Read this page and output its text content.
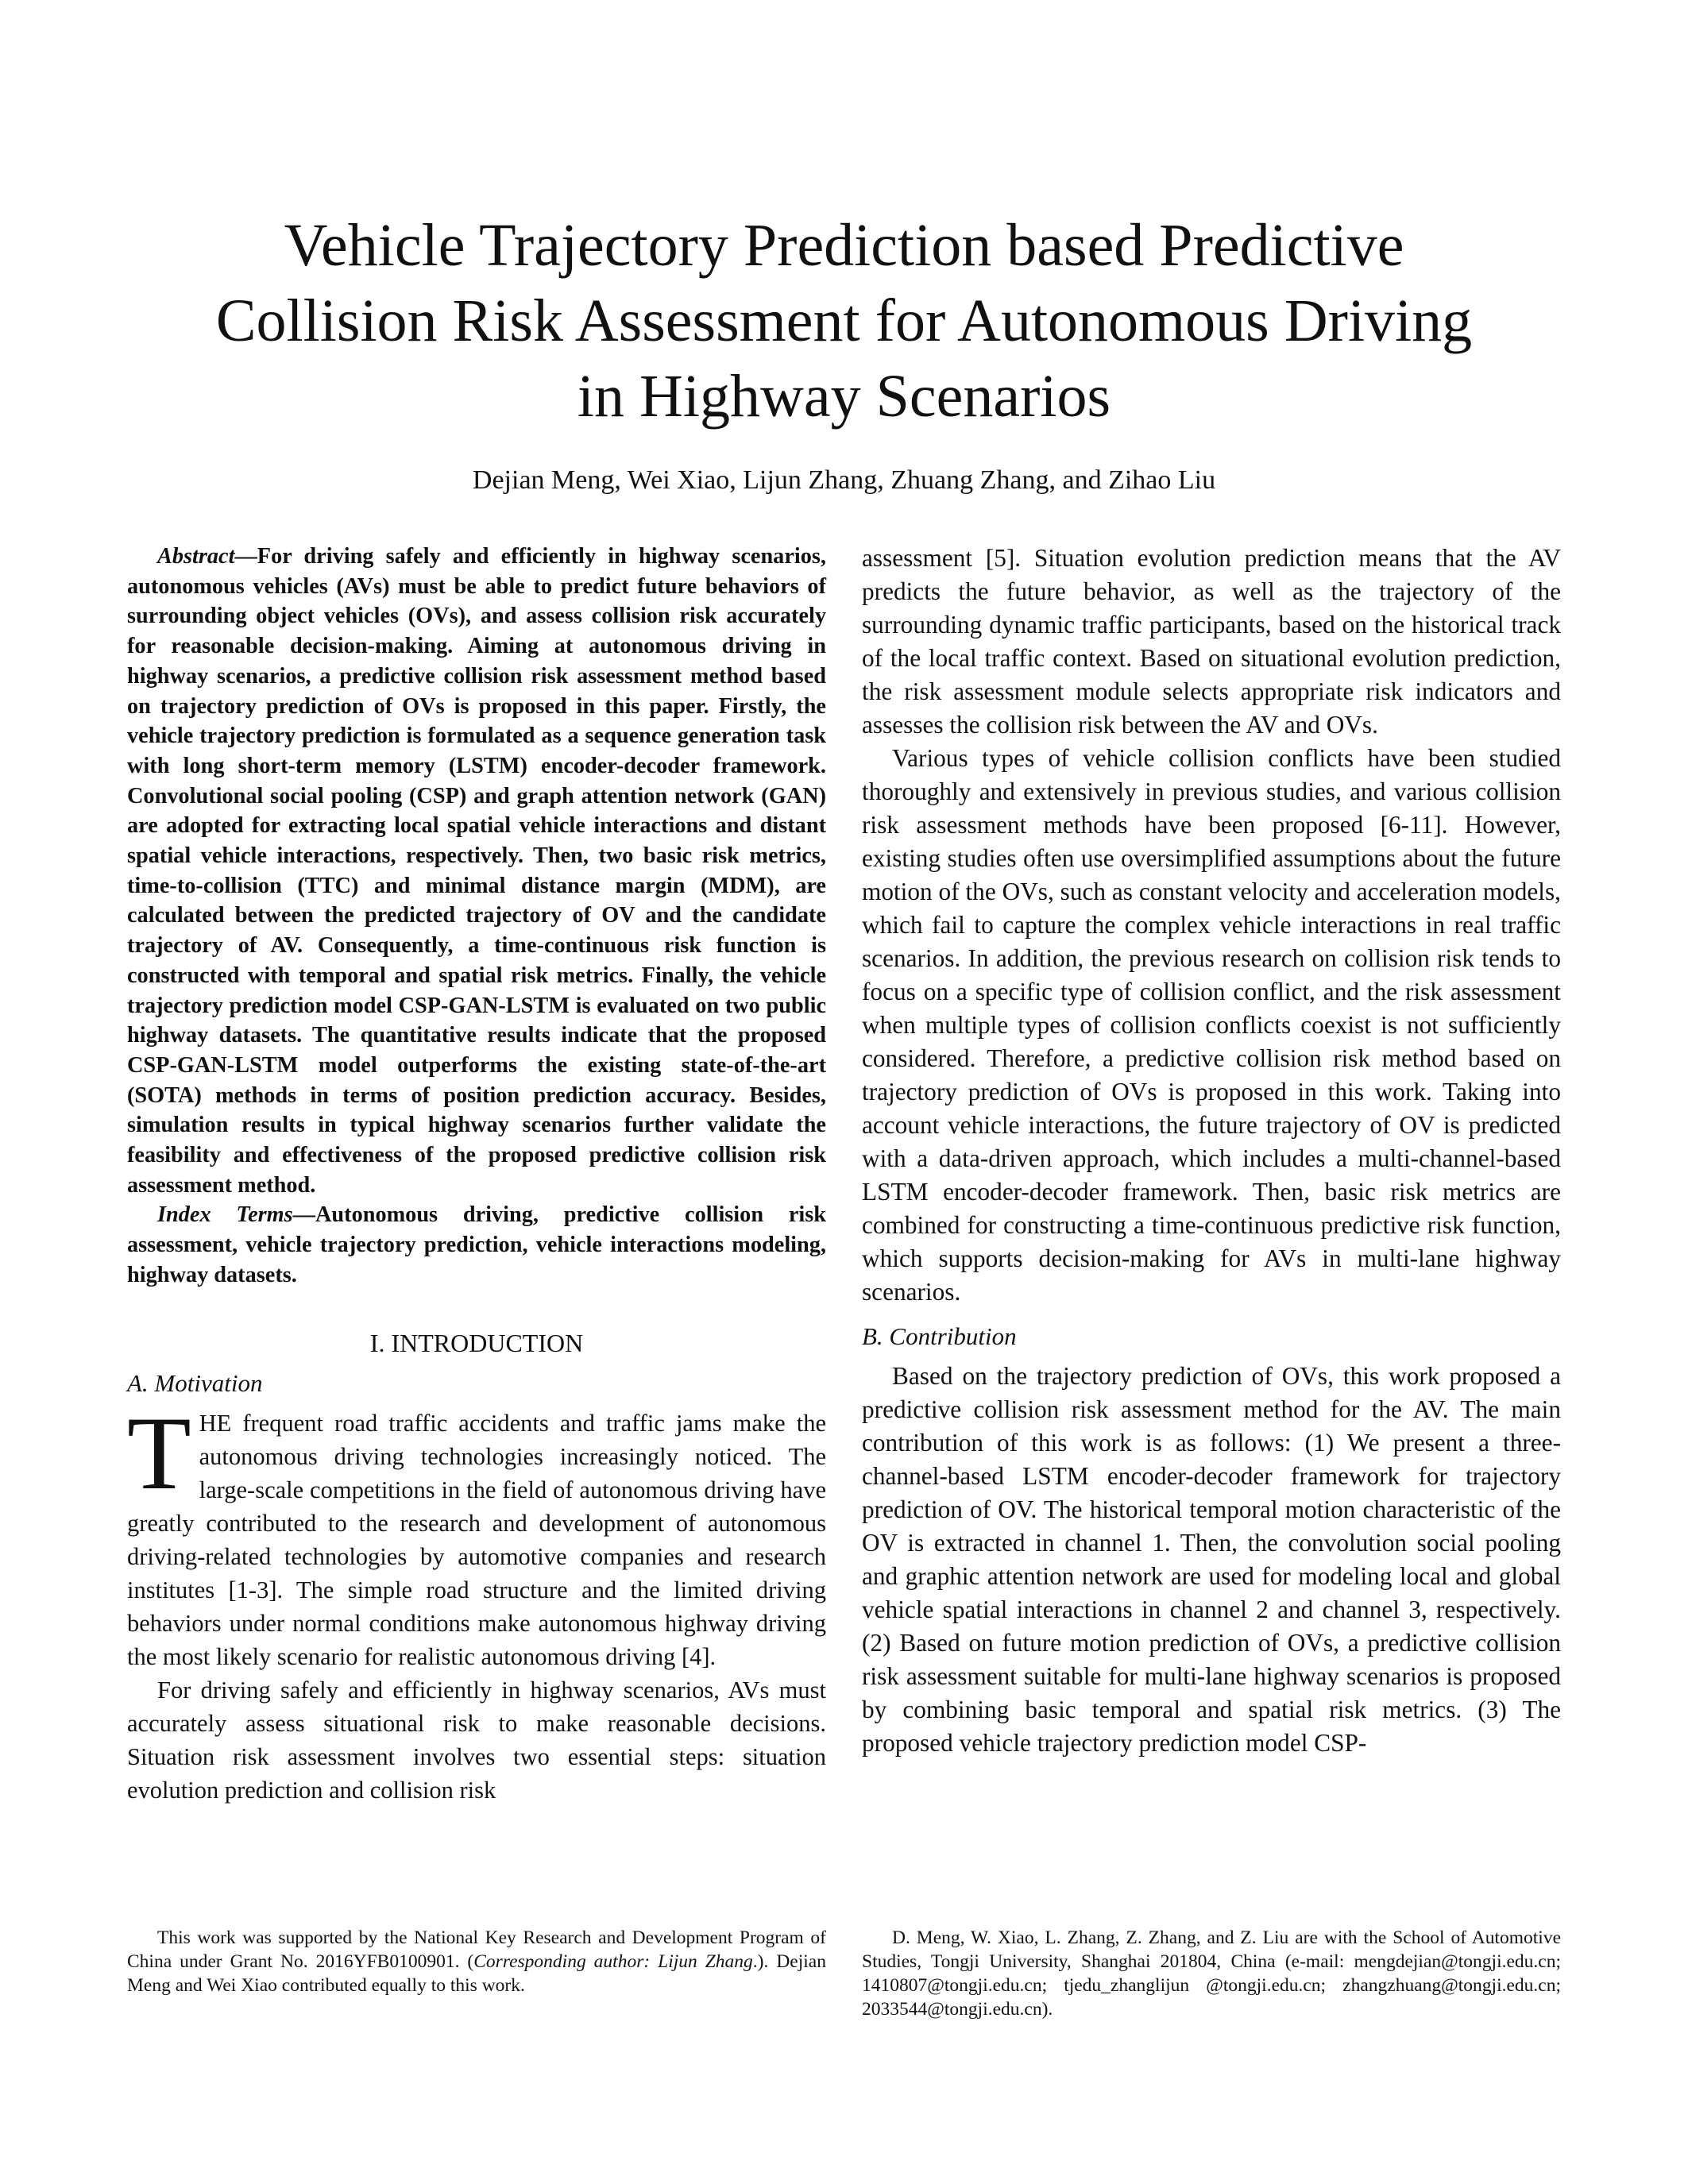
Vehicle Trajectory Prediction based Predictive
Collision Risk Assessment for Autonomous Driving
in Highway Scenarios
Dejian Meng, Wei Xiao, Lijun Zhang, Zhuang Zhang, and Zihao Liu

Abstract—For driving safely and efficiently in highway scenarios, autonomous vehicles (AVs) must be able to predict future behaviors of surrounding object vehicles (OVs), and assess collision risk accurately for reasonable decision-making. Aiming at autonomous driving in highway scenarios, a predictive collision risk assessment method based on trajectory prediction of OVs is proposed in this paper. Firstly, the vehicle trajectory prediction is formulated as a sequence generation task with long short-term memory (LSTM) encoder-decoder framework. Convolutional social pooling (CSP) and graph attention network (GAN) are adopted for extracting local spatial vehicle interactions and distant spatial vehicle interactions, respectively. Then, two basic risk metrics, time-to-collision (TTC) and minimal distance margin (MDM), are calculated between the predicted trajectory of OV and the candidate trajectory of AV. Consequently, a time-continuous risk function is constructed with temporal and spatial risk metrics. Finally, the vehicle trajectory prediction model CSP-GAN-LSTM is evaluated on two public highway datasets. The quantitative results indicate that the proposed CSP-GAN-LSTM model outperforms the existing state-of-the-art (SOTA) methods in terms of position prediction accuracy. Besides, simulation results in typical highway scenarios further validate the feasibility and effectiveness of the proposed predictive collision risk assessment method.

Index Terms—Autonomous driving, predictive collision risk assessment, vehicle trajectory prediction, vehicle interactions modeling, highway datasets.

I. INTRODUCTION
A. Motivation

THE frequent road traffic accidents and traffic jams make the autonomous driving technologies increasingly noticed. The large-scale competitions in the field of autonomous driving have greatly contributed to the research and development of autonomous driving-related technologies by automotive companies and research institutes [1-3]. The simple road structure and the limited driving behaviors under normal conditions make autonomous highway driving the most likely scenario for realistic autonomous driving [4].

For driving safely and efficiently in highway scenarios, AVs must accurately assess situational risk to make reasonable decisions. Situation risk assessment involves two essential steps: situation evolution prediction and collision risk

assessment [5]. Situation evolution prediction means that the AV predicts the future behavior, as well as the trajectory of the surrounding dynamic traffic participants, based on the historical track of the local traffic context. Based on situational evolution prediction, the risk assessment module selects appropriate risk indicators and assesses the collision risk between the AV and OVs.

Various types of vehicle collision conflicts have been studied thoroughly and extensively in previous studies, and various collision risk assessment methods have been proposed [6-11]. However, existing studies often use oversimplified assumptions about the future motion of the OVs, such as constant velocity and acceleration models, which fail to capture the complex vehicle interactions in real traffic scenarios. In addition, the previous research on collision risk tends to focus on a specific type of collision conflict, and the risk assessment when multiple types of collision conflicts coexist is not sufficiently considered. Therefore, a predictive collision risk method based on trajectory prediction of OVs is proposed in this work. Taking into account vehicle interactions, the future trajectory of OV is predicted with a data-driven approach, which includes a multi-channel-based LSTM encoder-decoder framework. Then, basic risk metrics are combined for constructing a time-continuous predictive risk function, which supports decision-making for AVs in multi-lane highway scenarios.

B. Contribution

Based on the trajectory prediction of OVs, this work proposed a predictive collision risk assessment method for the AV. The main contribution of this work is as follows: (1) We present a three-channel-based LSTM encoder-decoder framework for trajectory prediction of OV. The historical temporal motion characteristic of the OV is extracted in channel 1. Then, the convolution social pooling and graphic attention network are used for modeling local and global vehicle spatial interactions in channel 2 and channel 3, respectively. (2) Based on future motion prediction of OVs, a predictive collision risk assessment suitable for multi-lane highway scenarios is proposed by combining basic temporal and spatial risk metrics. (3) The proposed vehicle trajectory prediction model CSP-

This work was supported by the National Key Research and Development Program of China under Grant No. 2016YFB0100901. (Corresponding author: Lijun Zhang.). Dejian Meng and Wei Xiao contributed equally to this work.
D. Meng, W. Xiao, L. Zhang, Z. Zhang, and Z. Liu are with the School of Automotive Studies, Tongji University, Shanghai 201804, China (e-mail: mengdejian@tongji.edu.cn; 1410807@tongji.edu.cn; tjedu_zhanglijun @tongji.edu.cn; zhangzhuang@tongji.edu.cn; 2033544@tongji.edu.cn).
